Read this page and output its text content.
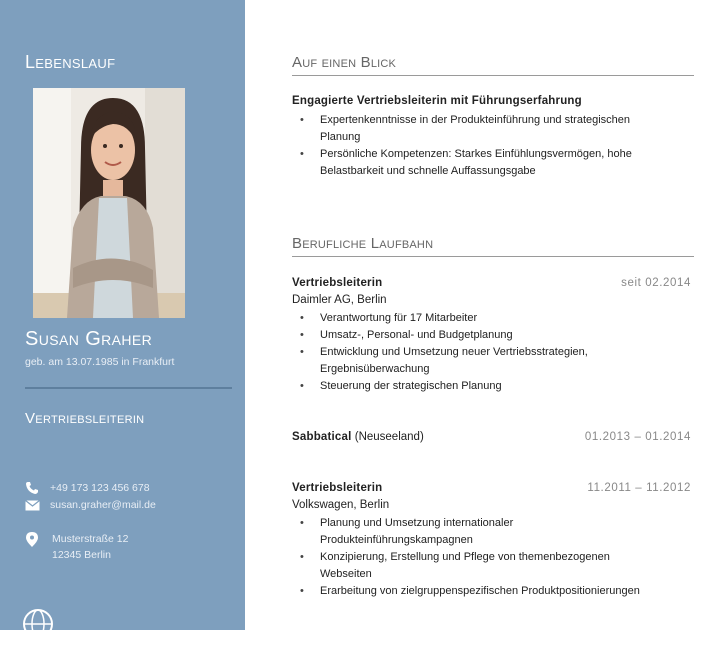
Lebenslauf
Susan Graher
geb. am 13.07.1985 in Frankfurt
Vertriebsleiterin
+49 173 123 456 678
susan.graher@mail.de
Musterstraße 12
12345 Berlin
Auf einen Blick
Engagierte Vertriebsleiterin mit Führungserfahrung
• Expertenkenntnisse in der Produkteinführung und strategischen Planung
• Persönliche Kompetenzen: Starkes Einfühlungsvermögen, hohe Belastbarkeit und schnelle Auffassungsgabe
Berufliche Laufbahn
Vertriebsleiterin	seit 02.2014
Daimler AG, Berlin
• Verantwortung für 17 Mitarbeiter
• Umsatz-, Personal- und Budgetplanung
• Entwicklung und Umsetzung neuer Vertriebsstrategien, Ergebnisüberwachung
• Steuerung der strategischen Planung
Sabbatical (Neuseeland)	01.2013 – 01.2014
Vertriebsleiterin	11.2011 – 11.2012
Volkswagen, Berlin
• Planung und Umsetzung internationaler Produkteinführungskampagnen
• Konzipierung, Erstellung und Pflege von themenbezogenen Webseiten
• Erarbeitung von zielgruppenspezifischen Produktpositionierungen
